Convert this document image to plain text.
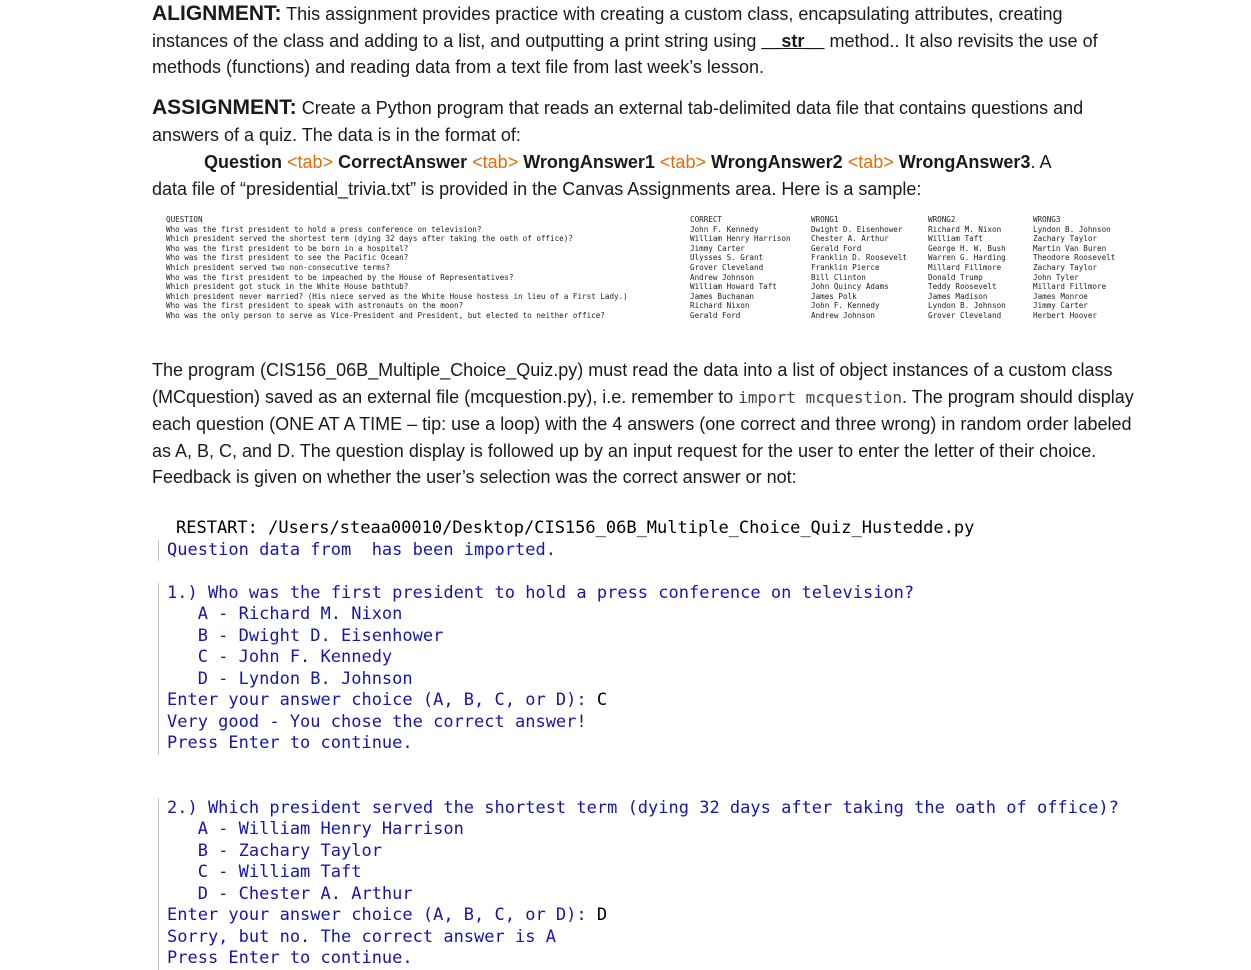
ALIGNMENT: This assignment provides practice with creating a custom class, encapsulating attributes, creating instances of the class and adding to a list, and outputting a print string using __str__ method.. It also revisits the use of methods (functions) and reading data from a text file from last week’s lesson.

ASSIGNMENT: Create a Python program that reads an external tab-delimited data file that contains questions and answers of a quiz. The data is in the format of:

Question <tab> CorrectAnswer <tab> WrongAnswer1 <tab> WrongAnswer2 <tab> WrongAnswer3. A

data file of “presidential_trivia.txt” is provided in the Canvas Assignments area. Here is a sample:

The program (CIS156_06B_Multiple_Choice_Quiz.py) must read the data into a list of object instances of a custom class (MCquestion) saved as an external file (mcquestion.py), i.e. remember to import mcquestion. The program should display each question (ONE AT A TIME – tip: use a loop) with the 4 answers (one correct and three wrong) in random order labeled as A, B, C, and D. The question display is followed up by an input request for the user to enter the letter of their choice. Feedback is given on whether the user’s selection was the correct answer or not:

QUESTION	CORRECT	WRONG1	WRONG2	WRONG3
Who was the first president to hold a press conference on television?	John F. Kennedy	Dwight D. Eisenhower	Richard M. Nixon	Lyndon B. Johnson
Which president served the shortest term (dying 32 days after taking the oath of office)?	William Henry Harrison	Chester A. Arthur	William Taft	Zachary Taylor
Who was the first president to be born in a hospital?	Jimmy Carter	Gerald Ford	George H. W. Bush	Martin Van Buren
Who was the first president to see the Pacific Ocean?	Ulysses S. Grant	Franklin D. Roosevelt	Warren G. Harding	Theodore Roosevelt
Which president served two non-consecutive terms?	Grover Cleveland	Franklin Pierce	Millard Fillmore	Zachary Taylor
Who was the first president to be impeached by the House of Representatives?	Andrew Johnson	Bill Clinton	Donald Trump	John Tyler
Which president got stuck in the White House bathtub?	William Howard Taft	John Quincy Adams	Teddy Roosevelt	Millard Fillmore
Which president never married? (His niece served as the White House hostess in lieu of a First Lady.)	James Buchanan	James Polk	James Madison	James Monroe
Who was the first president to speak with astronauts on the moon?	Richard Nixon	John F. Kennedy	Lyndon B. Johnson	Jimmy Carter
Who was the only person to serve as Vice-President and President, but elected to neither office?	Gerald Ford	Andrew Johnson	Grover Cleveland	Herbert Hoover
RESTART: /Users/steaa00010/Desktop/CIS156_06B_Multiple_Choice_Quiz_Hustedde.py
Question data from  has been imported.
1.) Who was the first president to hold a press conference on television?
A - Richard M. Nixon
B - Dwight D. Eisenhower
C - John F. Kennedy
D - Lyndon B. Johnson
Enter your answer choice (A, B, C, or D): C
Very good - You chose the correct answer!
Press Enter to continue.
2.) Which president served the shortest term (dying 32 days after taking the oath of office)?
A - William Henry Harrison
B - Zachary Taylor
C - William Taft
D - Chester A. Arthur
Enter your answer choice (A, B, C, or D): D
Sorry, but no. The correct answer is A
Press Enter to continue.
